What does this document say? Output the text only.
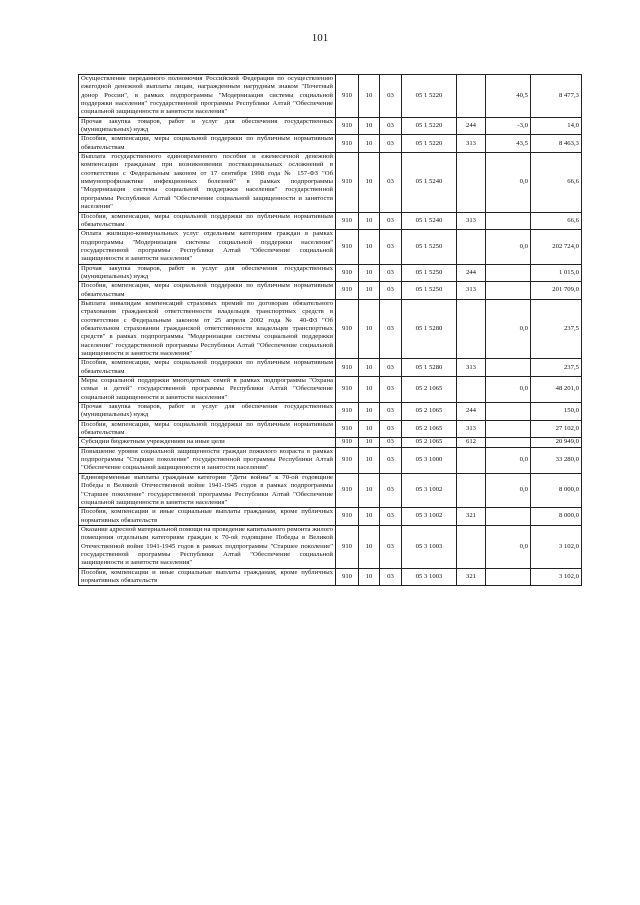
101
Осуществление переданного полномочия Российской Федерации по осуществлению ежегодной денежной выплаты лицам, награжденным нагрудным знаком "Почетный донор России", в рамках подпрограммы "Модернизация системы социальной поддержки населения" государственной программы Республики Алтай "Обеспечение социальной защищенности и занятости населения"	910	10	03	05 1 5220		40,5	8 477,3
Прочая закупка товаров, работ и услуг для обеспечения государственных (муниципальных) нужд	910	10	03	05 1 5220	244	-3,0	14,0
Пособия, компенсации, меры социальной поддержки по публичным нормативным обязательствам	910	10	03	05 1 5220	313	43,5	8 463,3
Выплата государственного единовременного пособия и ежемесячной денежной компенсации гражданам при возникновении поствакцинальных осложнений в соответствии с Федеральным законом от 17 сентября 1998 года № 157-ФЗ "Об иммунопрофилактике инфекционных болезней" в рамках подпрограммы "Модернизация системы социальной поддержки населения" государственной программы Республики Алтай "Обеспечение социальной защищенности и занятости населения"	910	10	03	05 1 5240		0,0	66,6
Пособия, компенсации, меры социальной поддержки по публичным нормативным обязательствам	910	10	03	05 1 5240	313		66,6
Оплата жилищно-коммунальных услуг отдельным категориям граждан в рамках подпрограммы "Модернизация системы социальной поддержки населения" государственной программы Республики Алтай "Обеспечение социальной защищенности и занятости населения"	910	10	03	05 1 5250		0,0	202 724,0
Прочая закупка товаров, работ и услуг для обеспечения государственных (муниципальных) нужд	910	10	03	05 1 5250	244		1 015,0
Пособия, компенсации, меры социальной поддержки по публичным нормативным обязательствам	910	10	03	05 1 5250	313		201 709,0
Выплата инвалидам компенсаций страховых премий по договорам обязательного страхования гражданской ответственности владельцев транспортных средств в соответствии с Федеральным законом от 25 апреля 2002 года № 40-ФЗ "Об обязательном страховании гражданской ответственности владельцев транспортных средств" в рамках подпрограммы "Модернизация системы социальной поддержки населения" государственной программы Республики Алтай "Обеспечение социальной защищенности и занятости населения"	910	10	03	05 1 5280		0,0	237,5
Пособия, компенсации, меры социальной поддержки по публичным нормативным обязательствам	910	10	03	05 1 5280	313		237,5
Меры социальной поддержки многодетных семей в рамках подпрограммы "Охрана семьи и детей" государственной программы Республики Алтай "Обеспечение социальной защищенности и занятости населения"	910	10	03	05 2 1065		0,0	48 201,0
Прочая закупка товаров, работ и услуг для обеспечения государственных (муниципальных) нужд	910	10	03	05 2 1065	244		150,0
Пособия, компенсации, меры социальной поддержки по публичным нормативным обязательствам	910	10	03	05 2 1065	313		27 102,0
Субсидии бюджетным учреждениям на иные цели	910	10	03	05 2 1065	612		20 949,0
Повышение уровня социальной защищенности граждан пожилого возраста в рамках подпрограммы "Старшее поколение" государственной программы Республики Алтай "Обеспечение социальной защищенности и занятости населения"	910	10	03	05 3 1000		0,0	33 280,0
Единовременные выплаты гражданам категории "Дети войны" к 70-ой годовщине Победы в Великой Отечественной войне 1941-1945 годов в рамках подпрограммы "Старшее поколение" государственной программы Республики Алтай "Обеспечение социальной защищенности и занятости населения"	910	10	03	05 3 1002		0,0	8 000,0
Пособия, компенсации и иные социальные выплаты гражданам, кроме публичных нормативных обязательств	910	10	03	05 3 1002	321		8 000,0
Оказание адресной материальной помощи на проведение капитального ремонта жилого помещения отдельным категориям граждан к 70-ой годовщине Победы в Великой Отечественной войне 1941-1945 годов в рамках подпрограммы "Старшее поколение" государственной программы Республики Алтай "Обеспечение социальной защищенности и занятости населения"	910	10	03	05 3 1003		0,0	3 102,0
Пособия, компенсации и иные социальные выплаты гражданам, кроме публичных нормативных обязательств	910	10	03	05 3 1003	321		3 102,0
